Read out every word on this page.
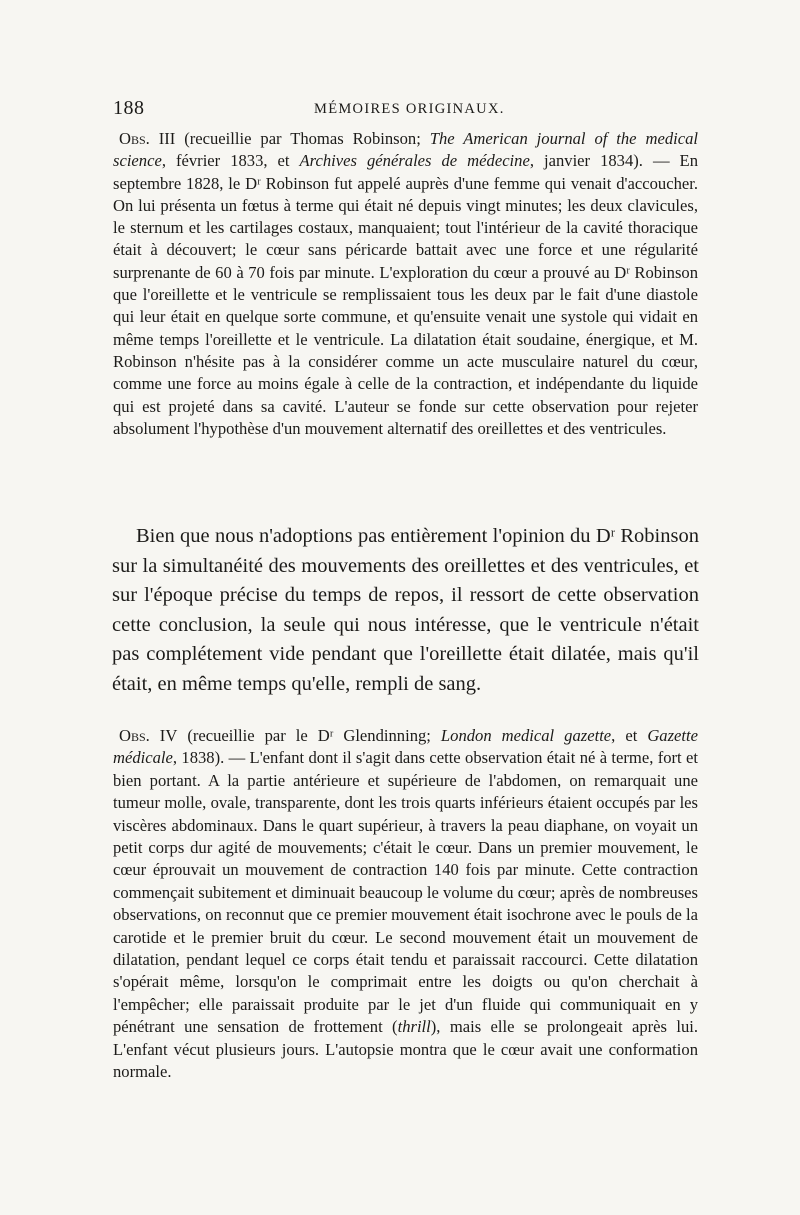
188	MÉMOIRES ORIGINAUX.

Obs. III (recueillie par Thomas Robinson; The American journal of the medical science, février 1833, et Archives générales de médecine, janvier 1834). — En septembre 1828, le Dʳ Robinson fut appelé auprès d'une femme qui venait d'accoucher. On lui présenta un fœtus à terme qui était né depuis vingt minutes; les deux clavicules, le sternum et les cartilages costaux, manquaient; tout l'intérieur de la cavité thoracique était à découvert; le cœur sans péricarde battait avec une force et une régularité surprenante de 60 à 70 fois par minute. L'exploration du cœur a prouvé au Dʳ Robinson que l'oreillette et le ventricule se remplissaient tous les deux par le fait d'une diastole qui leur était en quelque sorte commune, et qu'ensuite venait une systole qui vidait en même temps l'oreillette et le ventricule. La dilatation était soudaine, énergique, et M. Robinson n'hésite pas à la considérer comme un acte musculaire naturel du cœur, comme une force au moins égale à celle de la contraction, et indépendante du liquide qui est projeté dans sa cavité. L'auteur se fonde sur cette observation pour rejeter absolument l'hypothèse d'un mouvement alternatif des oreillettes et des ventricules.

Bien que nous n'adoptions pas entièrement l'opinion du Dʳ Robinson sur la simultanéité des mouvements des oreillettes et des ventricules, et sur l'époque précise du temps de repos, il ressort de cette observation cette conclusion, la seule qui nous intéresse, que le ventricule n'était pas complétement vide pendant que l'oreillette était dilatée, mais qu'il était, en même temps qu'elle, rempli de sang.

Obs. IV (recueillie par le Dʳ Glendinning; London medical gazette, et Gazette médicale, 1838). — L'enfant dont il s'agit dans cette observation était né à terme, fort et bien portant. A la partie antérieure et supérieure de l'abdomen, on remarquait une tumeur molle, ovale, transparente, dont les trois quarts inférieurs étaient occupés par les viscères abdominaux. Dans le quart supérieur, à travers la peau diaphane, on voyait un petit corps dur agité de mouvements; c'était le cœur. Dans un premier mouvement, le cœur éprouvait un mouvement de contraction 140 fois par minute. Cette contraction commençait subitement et diminuait beaucoup le volume du cœur; après de nombreuses observations, on reconnut que ce premier mouvement était isochrone avec le pouls de la carotide et le premier bruit du cœur. Le second mouvement était un mouvement de dilatation, pendant lequel ce corps était tendu et paraissait raccourci. Cette dilatation s'opérait même, lorsqu'on le comprimait entre les doigts ou qu'on cherchait à l'empêcher; elle paraissait produite par le jet d'un fluide qui communiquait en y pénétrant une sensation de frottement (thrill), mais elle se prolongeait après lui. L'enfant vécut plusieurs jours. L'autopsie montra que le cœur avait une conformation normale.
